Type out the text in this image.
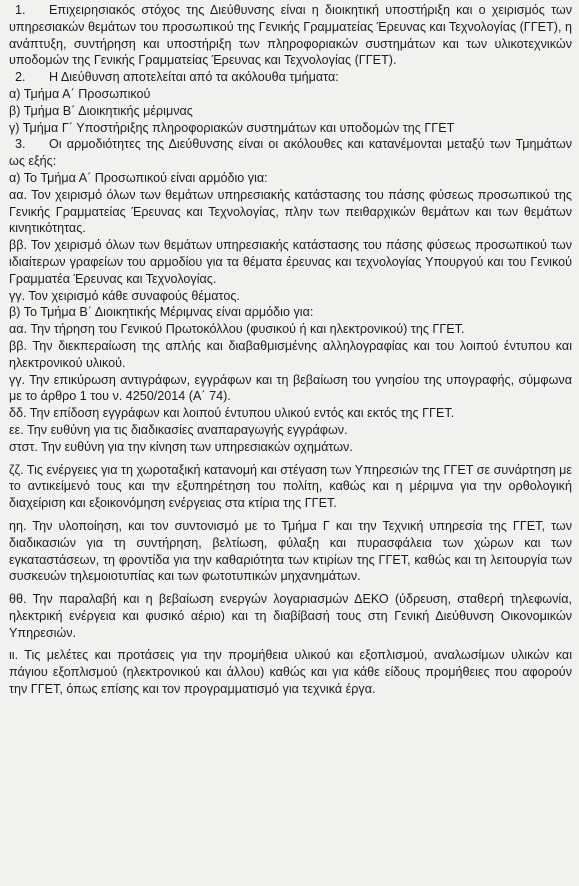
1. Επιχειρησιακός στόχος της Διεύθυνσης είναι η διοικητική υποστήριξη και ο χειρισμός των υπηρεσιακών θεμάτων του προσωπικού της Γενικής Γραμματείας Έρευνας και Τεχνολογίας (ΓΓΕΤ), η ανάπτυξη, συντήρηση και υποστήριξη των πληροφοριακών συστημάτων και των υλικοτεχνικών υποδομών της Γενικής Γραμματείας Έρευνας και Τεχνολογίας (ΓΓΕΤ).

2. Η Διεύθυνση αποτελείται από τα ακόλουθα τμήματα:

α) Τμήμα Α΄ Προσωπικού

β) Τμήμα Β΄ Διοικητικής μέριμνας

γ) Τμήμα Γ΄ Υποστήριξης πληροφοριακών συστημάτων και υποδομών της ΓΓΕΤ

3. Οι αρμοδιότητες της Διεύθυνσης είναι οι ακόλουθες και κατανέμονται μεταξύ των Τμημάτων ως εξής:

α) Το Τμήμα Α΄ Προσωπικού είναι αρμόδιο για:

αα. Τον χειρισμό όλων των θεμάτων υπηρεσιακής κατάστασης του πάσης φύσεως προσωπικού της Γενικής Γραμματείας Έρευνας και Τεχνολογίας, πλην των πειθαρχικών θεμάτων και των θεμάτων κινητικότητας.

ββ. Τον χειρισμό όλων των θεμάτων υπηρεσιακής κατάστασης του πάσης φύσεως προσωπικού των ιδιαίτερων γραφείων του αρμοδίου για τα θέματα έρευνας και τεχνολογίας Υπουργού και του Γενικού Γραμματέα Έρευνας και Τεχνολογίας.

γγ. Τον χειρισμό κάθε συναφούς θέματος.

β) Το Τμήμα Β΄ Διοικητικής Μέριμνας είναι αρμόδιο για:

αα. Την τήρηση του Γενικού Πρωτοκόλλου (φυσικού ή και ηλεκτρονικού) της ΓΓΕΤ.

ββ. Την διεκπεραίωση της απλής και διαβαθμισμένης αλληλογραφίας και του λοιπού έντυπου και ηλεκτρονικού υλικού.

γγ. Την επικύρωση αντιγράφων, εγγράφων και τη βεβαίωση του γνησίου της υπογραφής, σύμφωνα με το άρθρο 1 του ν. 4250/2014 (Α΄ 74).

δδ. Την επίδοση εγγράφων και λοιπού έντυπου υλικού εντός και εκτός της ΓΓΕΤ.

εε. Την ευθύνη για τις διαδικασίες αναπαραγωγής εγγράφων.

στστ. Την ευθύνη για την κίνηση των υπηρεσιακών οχημάτων.

ζζ. Τις ενέργειες για τη χωροταξική κατανομή και στέγαση των Υπηρεσιών της ΓΓΕΤ σε συνάρτηση με το αντικείμενό τους και την εξυπηρέτηση του πολίτη, καθώς και η μέριμνα για την ορθολογική διαχείριση και εξοικονόμηση ενέργειας στα κτίρια της ΓΓΕΤ.

ηη. Την υλοποίηση, και τον συντονισμό με το Τμήμα Γ και την Τεχνική υπηρεσία της ΓΓΕΤ, των διαδικασιών για τη συντήρηση, βελτίωση, φύλαξη και πυρασφάλεια των χώρων και των εγκαταστάσεων, τη φροντίδα για την καθαριότητα των κτιρίων της ΓΓΕΤ, καθώς και τη λειτουργία των συσκευών τηλεμοιοτυπίας και των φωτοτυπικών μηχανημάτων.

θθ. Την παραλαβή και η βεβαίωση ενεργών λογαριασμών ΔΕΚΟ (ύδρευση, σταθερή τηλεφωνία, ηλεκτρική ενέργεια και φυσικό αέριο) και τη διαβίβασή τους στη Γενική Διεύθυνση Οικονομικών Υπηρεσιών.

ιι. Τις μελέτες και προτάσεις για την προμήθεια υλικού και εξοπλισμού, αναλωσίμων υλικών και πάγιου εξοπλισμού (ηλεκτρονικού και άλλου) καθώς και για κάθε είδους προμήθειες που αφορούν την ΓΓΕΤ, όπως επίσης και τον προγραμματισμό για τεχνικά έργα.
